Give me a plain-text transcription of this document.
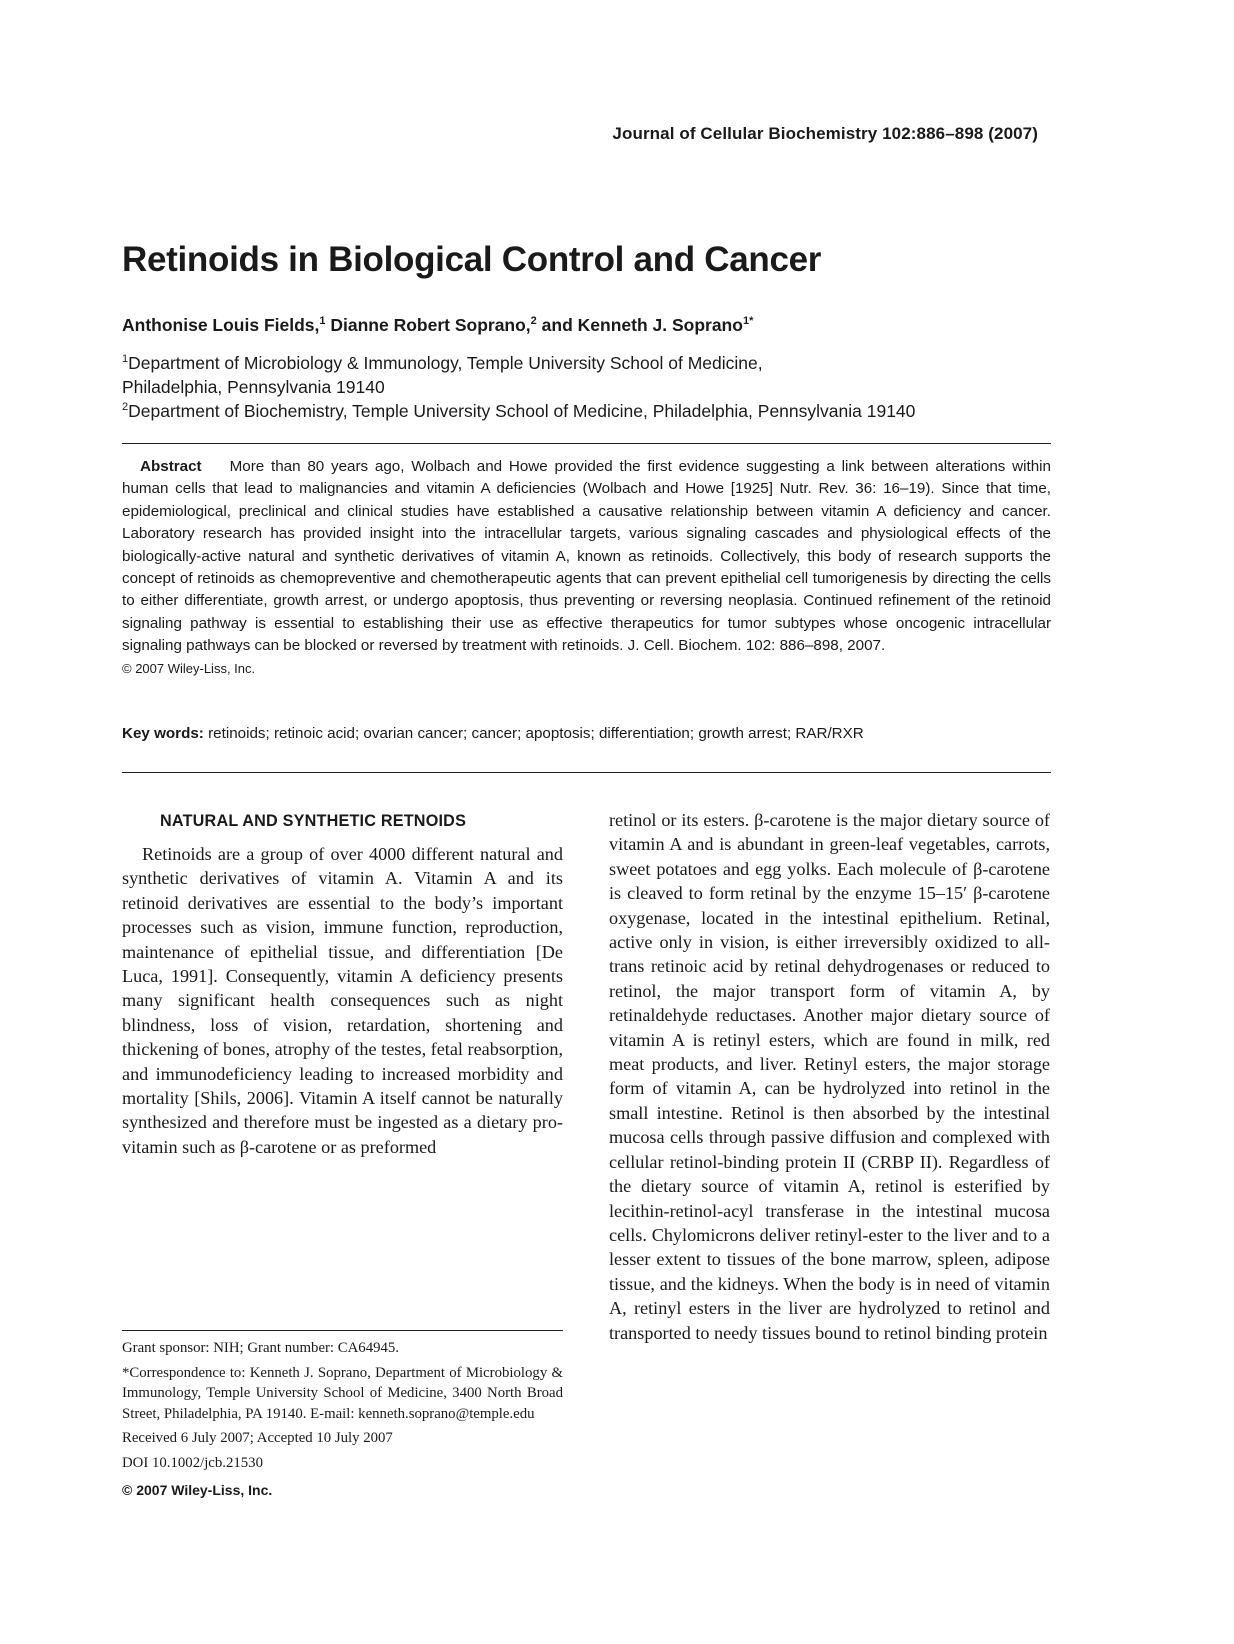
Journal of Cellular Biochemistry 102:886–898 (2007)
Retinoids in Biological Control and Cancer
Anthonise Louis Fields,$^1$ Dianne Robert Soprano,$^2$ and Kenneth J. Soprano$^{1*}$
$^1$Department of Microbiology & Immunology, Temple University School of Medicine,
Philadelphia, Pennsylvania 19140
$^2$Department of Biochemistry, Temple University School of Medicine, Philadelphia, Pennsylvania 19140

Abstract More than 80 years ago, Wolbach and Howe provided the first evidence suggesting a link between alterations within human cells that lead to malignancies and vitamin A deficiencies (Wolbach and Howe [1925] Nutr. Rev. 36: 16–19). Since that time, epidemiological, preclinical and clinical studies have established a causative relationship between vitamin A deficiency and cancer. Laboratory research has provided insight into the intracellular targets, various signaling cascades and physiological effects of the biologically-active natural and synthetic derivatives of vitamin A, known as retinoids. Collectively, this body of research supports the concept of retinoids as chemopreventive and chemotherapeutic agents that can prevent epithelial cell tumorigenesis by directing the cells to either differentiate, growth arrest, or undergo apoptosis, thus preventing or reversing neoplasia. Continued refinement of the retinoid signaling pathway is essential to establishing their use as effective therapeutics for tumor subtypes whose oncogenic intracellular signaling pathways can be blocked or reversed by treatment with retinoids. J. Cell. Biochem. 102: 886–898, 2007.
© 2007 Wiley-Liss, Inc.

Key words: retinoids; retinoic acid; ovarian cancer; cancer; apoptosis; differentiation; growth arrest; RAR/RXR
NATURAL AND SYNTHETIC RETNOIDS

Retinoids are a group of over 4000 different natural and synthetic derivatives of vitamin A. Vitamin A and its retinoid derivatives are essential to the body’s important processes such as vision, immune function, reproduction, maintenance of epithelial tissue, and differentiation [De Luca, 1991]. Consequently, vitamin A deficiency presents many significant health consequences such as night blindness, loss of vision, retardation, shortening and thickening of bones, atrophy of the testes, fetal reabsorption, and immunodeficiency leading to increased morbidity and mortality [Shils, 2006]. Vitamin A itself cannot be naturally synthesized and therefore must be ingested as a dietary pro-vitamin such as β-carotene or as preformed

retinol or its esters. β-carotene is the major dietary source of vitamin A and is abundant in green-leaf vegetables, carrots, sweet potatoes and egg yolks. Each molecule of β-carotene is cleaved to form retinal by the enzyme 15–15′ β-carotene oxygenase, located in the intestinal epithelium. Retinal, active only in vision, is either irreversibly oxidized to all-trans retinoic acid by retinal dehydrogenases or reduced to retinol, the major transport form of vitamin A, by retinaldehyde reductases. Another major dietary source of vitamin A is retinyl esters, which are found in milk, red meat products, and liver. Retinyl esters, the major storage form of vitamin A, can be hydrolyzed into retinol in the small intestine. Retinol is then absorbed by the intestinal mucosa cells through passive diffusion and complexed with cellular retinol-binding protein II (CRBP II). Regardless of the dietary source of vitamin A, retinol is esterified by lecithin-retinol-acyl transferase in the intestinal mucosa cells. Chylomicrons deliver retinyl-ester to the liver and to a lesser extent to tissues of the bone marrow, spleen, adipose tissue, and the kidneys. When the body is in need of vitamin A, retinyl esters in the liver are hydrolyzed to retinol and transported to needy tissues bound to retinol binding protein

Grant sponsor: NIH; Grant number: CA64945.

*Correspondence to: Kenneth J. Soprano, Department of Microbiology & Immunology, Temple University School of Medicine, 3400 North Broad Street, Philadelphia, PA 19140. E-mail: kenneth.soprano@temple.edu

Received 6 July 2007; Accepted 10 July 2007

DOI 10.1002/jcb.21530

© 2007 Wiley-Liss, Inc.
